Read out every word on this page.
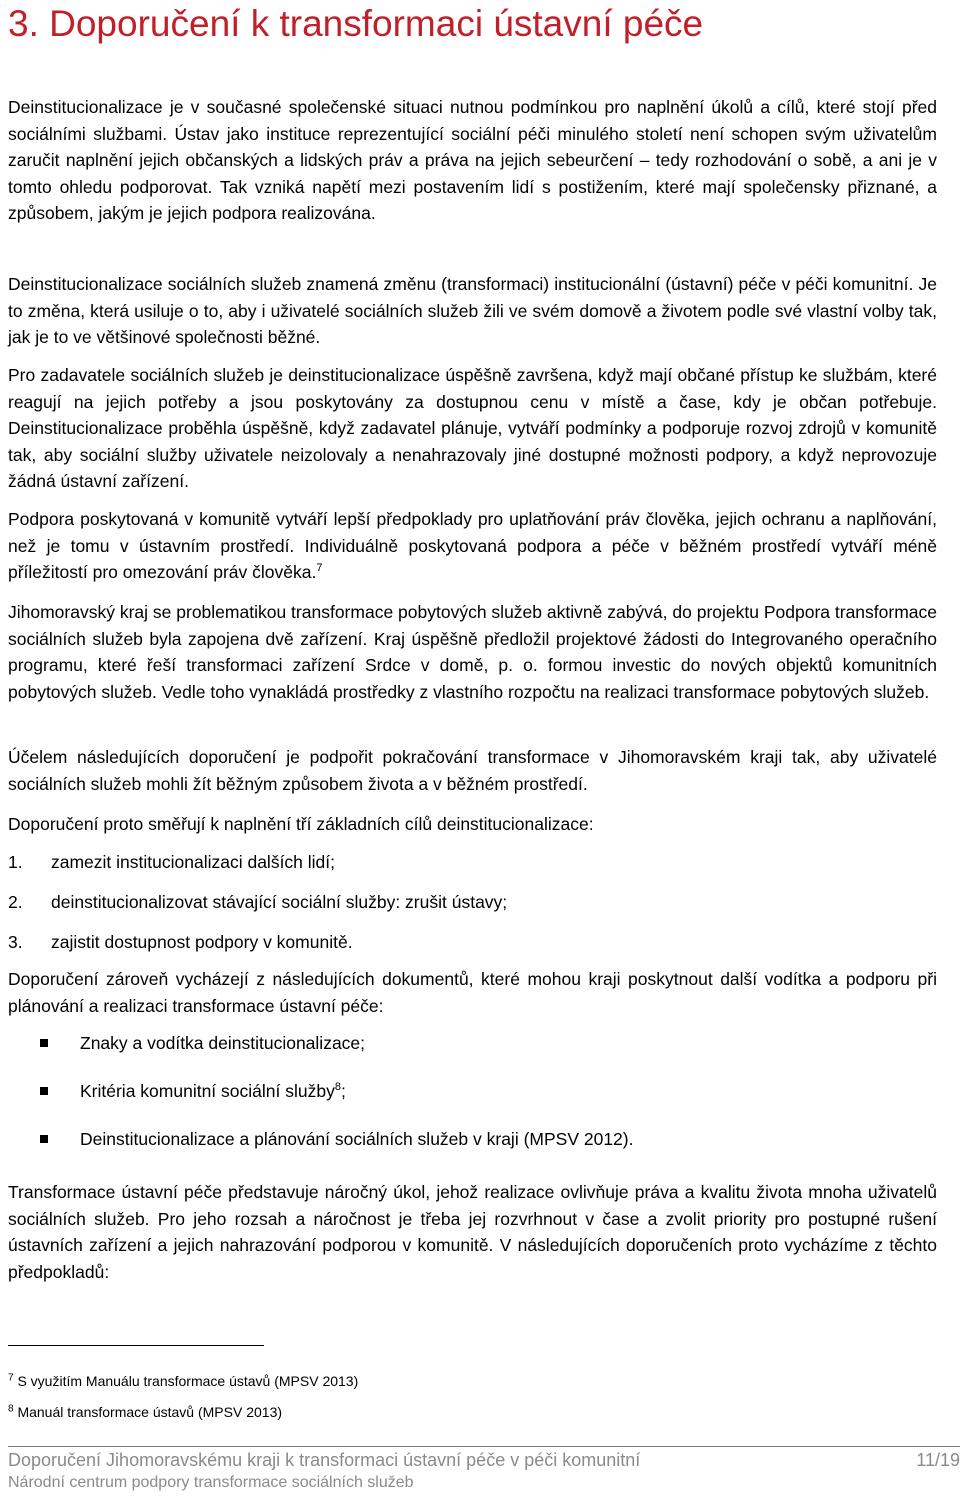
3. Doporučení k transformaci ústavní péče

Deinstitucionalizace je v současné společenské situaci nutnou podmínkou pro naplnění úkolů a cílů, které stojí před sociálními službami. Ústav jako instituce reprezentující sociální péči minulého století není schopen svým uživatelům zaručit naplnění jejich občanských a lidských práv a práva na jejich sebeurčení – tedy rozhodování o sobě, a ani je v tomto ohledu podporovat. Tak vzniká napětí mezi postavením lidí s postižením, které mají společensky přiznané, a způsobem, jakým je jejich podpora realizována.

Deinstitucionalizace sociálních služeb znamená změnu (transformaci) institucionální (ústavní) péče v péči komunitní. Je to změna, která usiluje o to, aby i uživatelé sociálních služeb žili ve svém domově a životem podle své vlastní volby tak, jak je to ve většinové společnosti běžné.

Pro zadavatele sociálních služeb je deinstitucionalizace úspěšně završena, když mají občané přístup ke službám, které reagují na jejich potřeby a jsou poskytovány za dostupnou cenu v místě a čase, kdy je občan potřebuje. Deinstitucionalizace proběhla úspěšně, když zadavatel plánuje, vytváří podmínky a podporuje rozvoj zdrojů v komunitě tak, aby sociální služby uživatele neizolovaly a nenahrazovaly jiné dostupné možnosti podpory, a když neprovozuje žádná ústavní zařízení.

Podpora poskytovaná v komunitě vytváří lepší předpoklady pro uplatňování práv člověka, jejich ochranu a naplňování, než je tomu v ústavním prostředí. Individuálně poskytovaná podpora a péče v běžném prostředí vytváří méně příležitostí pro omezování práv člověka.$^7$

Jihomoravský kraj se problematikou transformace pobytových služeb aktivně zabývá, do projektu Podpora transformace sociálních služeb byla zapojena dvě zařízení. Kraj úspěšně předložil projektové žádosti do Integrovaného operačního programu, které řeší transformaci zařízení Srdce v domě, p. o. formou investic do nových objektů komunitních pobytových služeb. Vedle toho vynakládá prostředky z vlastního rozpočtu na realizaci transformace pobytových služeb.

Účelem následujících doporučení je podpořit pokračování transformace v Jihomoravském kraji tak, aby uživatelé sociálních služeb mohli žít běžným způsobem života a v běžném prostředí.

Doporučení proto směřují k naplnění tří základních cílů deinstitucionalizace:

1. zamezit institucionalizaci dalších lidí;

2. deinstitucionalizovat stávající sociální služby: zrušit ústavy;

3. zajistit dostupnost podpory v komunitě.

Doporučení zároveň vycházejí z následujících dokumentů, které mohou kraji poskytnout další vodítka a podporu při plánování a realizaci transformace ústavní péče:

Znaky a vodítka deinstitucionalizace;
Kritéria komunitní sociální služby$^8$;
Deinstitucionalizace a plánování sociálních služeb v kraji (MPSV 2012).

Transformace ústavní péče představuje náročný úkol, jehož realizace ovlivňuje práva a kvalitu života mnoha uživatelů sociálních služeb. Pro jeho rozsah a náročnost je třeba jej rozvrhnout v čase a zvolit priority pro postupné rušení ústavních zařízení a jejich nahrazování podporou v komunitě. V následujících doporučeních proto vycházíme z těchto předpokladů:

$^7$ S využitím Manuálu transformace ústavů (MPSV 2013)

$^8$ Manuál transformace ústavů (MPSV 2013)

Doporučení Jihomoravskému kraji k transformaci ústavní péče v péči komunitní	11/19

Národní centrum podpory transformace sociálních služeb
